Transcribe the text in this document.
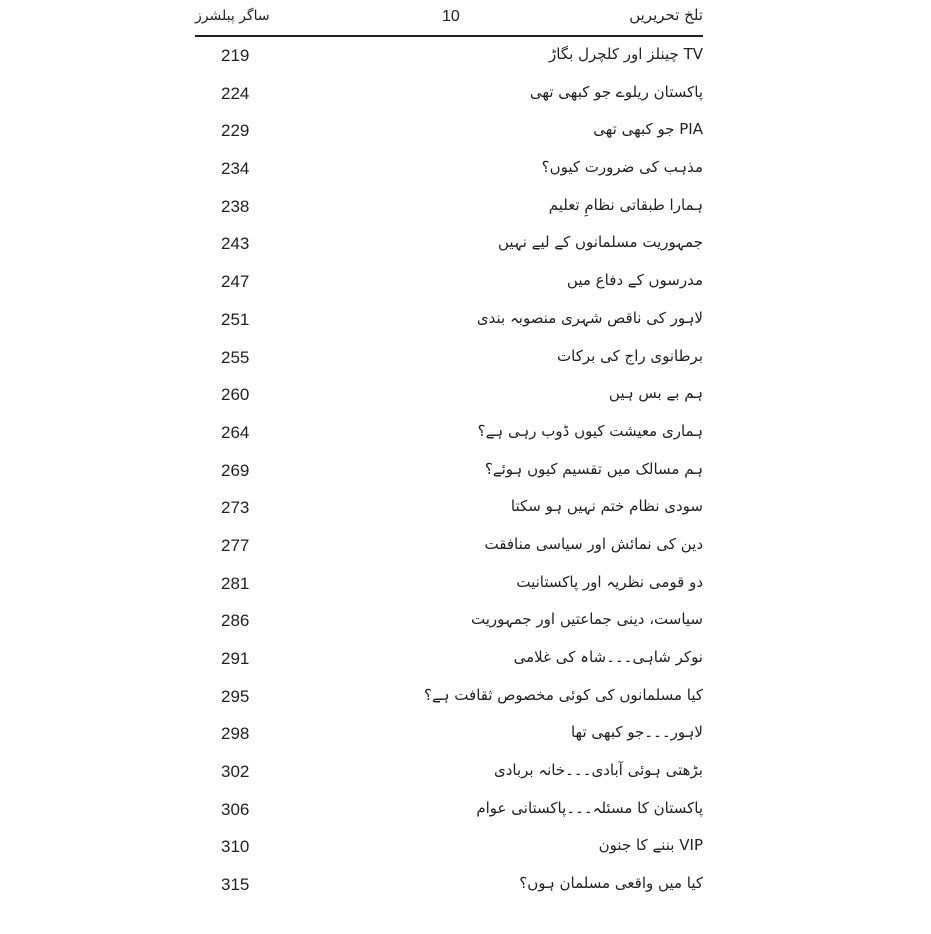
ساگر پبلشرز	10	تلخ تحریریں
219	TV چینلز اور کلچرل بگاڑ
224	پاکستان ریلوے جو کبھی تھی
229	PIA جو کبھی تھی
234	مذہب کی ضرورت کیوں؟
238	ہمارا طبقاتی نظامِ تعلیم
243	جمہوریت مسلمانوں کے لیے نہیں
247	مدرسوں کے دفاع میں
251	لاہور کی ناقص شہری منصوبہ بندی
255	برطانوی راج کی برکات
260	ہم بے بس ہیں
264	ہماری معیشت کیوں ڈوب رہی ہے؟
269	ہم مسالک میں تقسیم کیوں ہوئے؟
273	سودی نظام ختم نہیں ہو سکتا
277	دین کی نمائش اور سیاسی منافقت
281	دو قومی نظریہ اور پاکستانیت
286	سیاست، دینی جماعتیں اور جمہوریت
291	نوکر شاہی۔۔۔شاہ کی غلامی
295	کیا مسلمانوں کی کوئی مخصوص ثقافت ہے؟
298	لاہور۔۔۔جو کبھی تھا
302	بڑھتی ہوئی آبادی۔۔۔خانہ بربادی
306	پاکستان کا مسئلہ۔۔۔پاکستانی عوام
310	VIP بننے کا جنون
315	کیا میں واقعی مسلمان ہوں؟
